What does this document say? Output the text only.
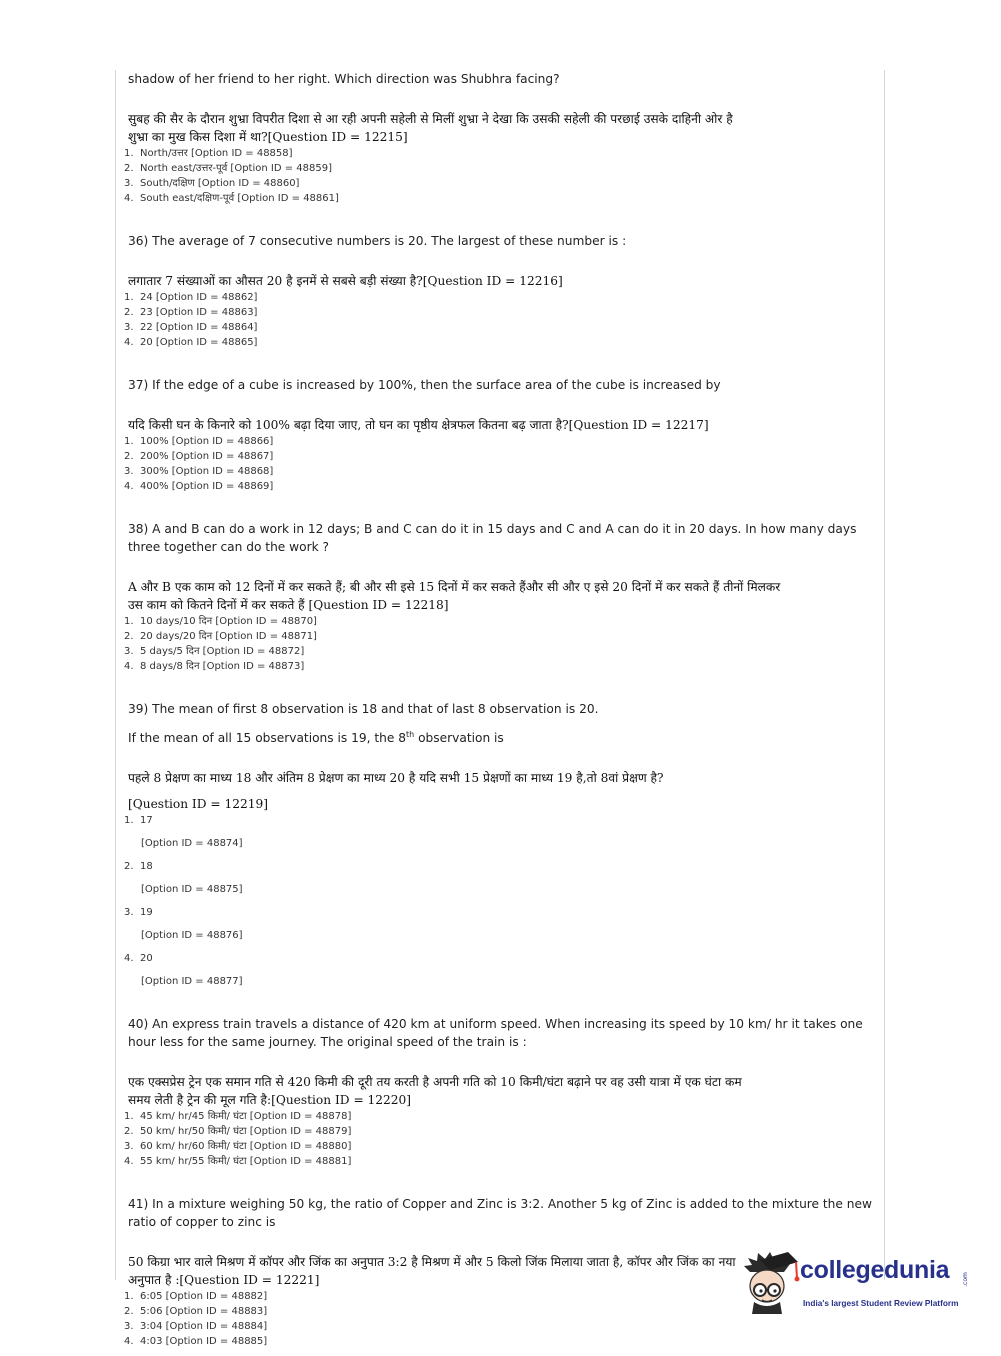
shadow of her friend to her right. Which direction was Shubhra facing?

सुबह की सैर के दौरान शुभ्रा विपरीत दिशा से आ रही अपनी सहेली से मिलीं शुभ्रा ने देखा कि उसकी सहेली की परछाई उसके दाहिनी ओर है

शुभ्रा का मुख किस दिशा में था?[Question ID = 12215]

1. North/उत्तर [Option ID = 48858]
2. North east/उत्तर-पूर्व [Option ID = 48859]
3. South/दक्षिण [Option ID = 48860]
4. South east/दक्षिण-पूर्व [Option ID = 48861]

36) The average of 7 consecutive numbers is 20. The largest of these number is :

लगातार 7 संख्याओं का औसत 20 है इनमें से सबसे बड़ी संख्या है?[Question ID = 12216]

1. 24 [Option ID = 48862]
2. 23 [Option ID = 48863]
3. 22 [Option ID = 48864]
4. 20 [Option ID = 48865]

37) If the edge of a cube is increased by 100%, then the surface area of the cube is increased by

यदि किसी घन के किनारे को 100% बढ़ा दिया जाए, तो घन का पृष्ठीय क्षेत्रफल कितना बढ़ जाता है?[Question ID = 12217]

1. 100% [Option ID = 48866]
2. 200% [Option ID = 48867]
3. 300% [Option ID = 48868]
4. 400% [Option ID = 48869]

38) A and B can do a work in 12 days; B and C can do it in 15 days and C and A can do it in 20 days. In how many days

three together can do the work ?

A और B एक काम को 12 दिनों में कर सकते हैं; बी और सी इसे 15 दिनों में कर सकते हैंऔर सी और ए इसे 20 दिनों में कर सकते हैं तीनों मिलकर

उस काम को कितने दिनों में कर सकते हैं [Question ID = 12218]

1. 10 days/10 दिन [Option ID = 48870]
2. 20 days/20 दिन [Option ID = 48871]
3. 5 days/5 दिन [Option ID = 48872]
4. 8 days/8 दिन [Option ID = 48873]

39) The mean of first 8 observation is 18 and that of last 8 observation is 20.

If the mean of all 15 observations is 19, the 8th observation is

पहले 8 प्रेक्षण का माध्य 18 और अंतिम 8 प्रेक्षण का माध्य 20 है यदि सभी 15 प्रेक्षणों का माध्य 19 है,तो 8वां प्रेक्षण है?

[Question ID = 12219]

1. 17
[Option ID = 48874]
2. 18
[Option ID = 48875]
3. 19
[Option ID = 48876]
4. 20
[Option ID = 48877]

40) An express train travels a distance of 420 km at uniform speed. When increasing its speed by 10 km/ hr it takes one

hour less for the same journey. The original speed of the train is :

एक एक्सप्रेस ट्रेन एक समान गति से 420 किमी की दूरी तय करती है अपनी गति को 10 किमी/घंटा बढ़ाने पर वह उसी यात्रा में एक घंटा कम

समय लेती है ट्रेन की मूल गति है:[Question ID = 12220]

1. 45 km/ hr/45 किमी/ घंटा [Option ID = 48878]
2. 50 km/ hr/50 किमी/ घंटा [Option ID = 48879]
3. 60 km/ hr/60 किमी/ घंटा [Option ID = 48880]
4. 55 km/ hr/55 किमी/ घंटा [Option ID = 48881]

41) In a mixture weighing 50 kg, the ratio of Copper and Zinc is 3:2. Another 5 kg of Zinc is added to the mixture the new

ratio of copper to zinc is

50 किग्रा भार वाले मिश्रण में कॉपर और जिंक का अनुपात 3:2 है मिश्रण में और 5 किलो जिंक मिलाया जाता है, कॉपर और जिंक का नया

अनुपात है :[Question ID = 12221]

1. 6:05 [Option ID = 48882]
2. 5:06 [Option ID = 48883]
3. 3:04 [Option ID = 48884]
4. 4:03 [Option ID = 48885]
collegedunia .com
India's largest Student Review Platform
